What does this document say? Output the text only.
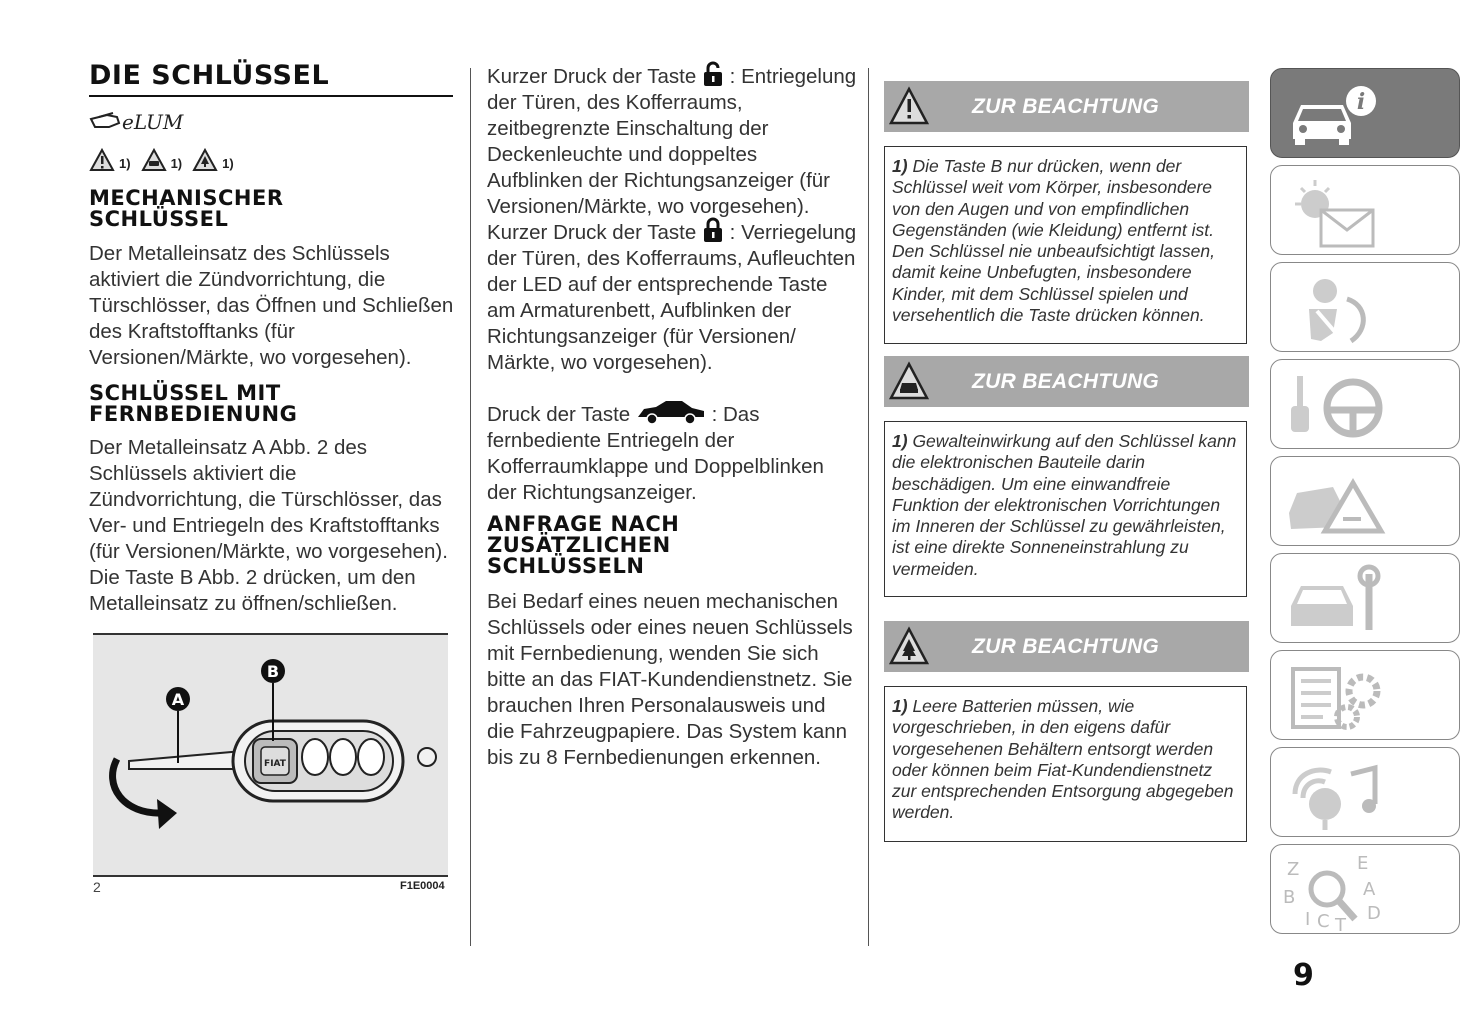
DIE SCHLÜSSEL
eLUM
1)	1)	1)
MECHANISCHER SCHLÜSSEL

Der Metalleinsatz des Schlüssels aktiviert die Zündvorrichtung, die Türschlösser, das Öffnen und Schließen des Kraftstofftanks (für Versionen/Märkte, wo vorgesehen).

SCHLÜSSEL MIT FERNBEDIENUNG

Der Metalleinsatz A Abb. 2 des Schlüssels aktiviert die Zündvorrichtung, die Türschlösser, das Ver- und Entriegeln des Kraftstofftanks (für Versionen/Märkte, wo vorgesehen). Die Taste B Abb. 2 drücken, um den Metalleinsatz zu öffnen/schließen.

FIAT
A
B
2	F1E0004

Kurzer Druck der Taste : Entriegelung der Türen, des Kofferraums, zeitbegrenzte Einschaltung der Deckenleuchte und doppeltes Aufblinken der Richtungsanzeiger (für Versionen/Märkte, wo vorgesehen).

Kurzer Druck der Taste : Verriegelung der Türen, des Kofferraums, Aufleuchten der LED auf der entsprechende Taste am Armaturenbett, Aufblinken der Richtungsanzeiger (für Versionen/ Märkte, wo vorgesehen).

Druck der Taste	: Das fernbediente Entriegeln der Kofferraumklappe und Doppelblinken der Richtungsanzeiger.

ANFRAGE NACH ZUSÄTZLICHEN SCHLÜSSELN

Bei Bedarf eines neuen mechanischen Schlüssels oder eines neuen Schlüssels mit Fernbedienung, wenden Sie sich bitte an das FIAT-Kundendienstnetz. Sie brauchen Ihren Personalausweis und die Fahrzeugpapiere. Das System kann bis zu 8 Fernbedienungen erkennen.

ZUR BEACHTUNG
1) Die Taste B nur drücken, wenn der Schlüssel weit vom Körper, insbesondere von den Augen und von empfindlichen Gegenständen (wie Kleidung) entfernt ist. Den Schlüssel nie unbeaufsichtigt lassen, damit keine Unbefugten, insbesondere Kinder, mit dem Schlüssel spielen und versehentlich die Taste drücken können.
ZUR BEACHTUNG
1) Gewalteinwirkung auf den Schlüssel kann die elektronischen Bauteile darin beschädigen. Um eine einwandfreie Funktion der elektronischen Vorrichtungen im Inneren der Schlüssel zu gewährleisten, ist eine direkte Sonneneinstrahlung zu vermeiden.
ZUR BEACHTUNG
1) Leere Batterien müssen, wie vorgeschrieben, in den eigens dafür vorgesehenen Behältern entsorgt werden oder können beim Fiat-Kundendienstnetz zur entsprechenden Entsorgung abgegeben werden.
i
Z	E
B	A
I C T
D
9
